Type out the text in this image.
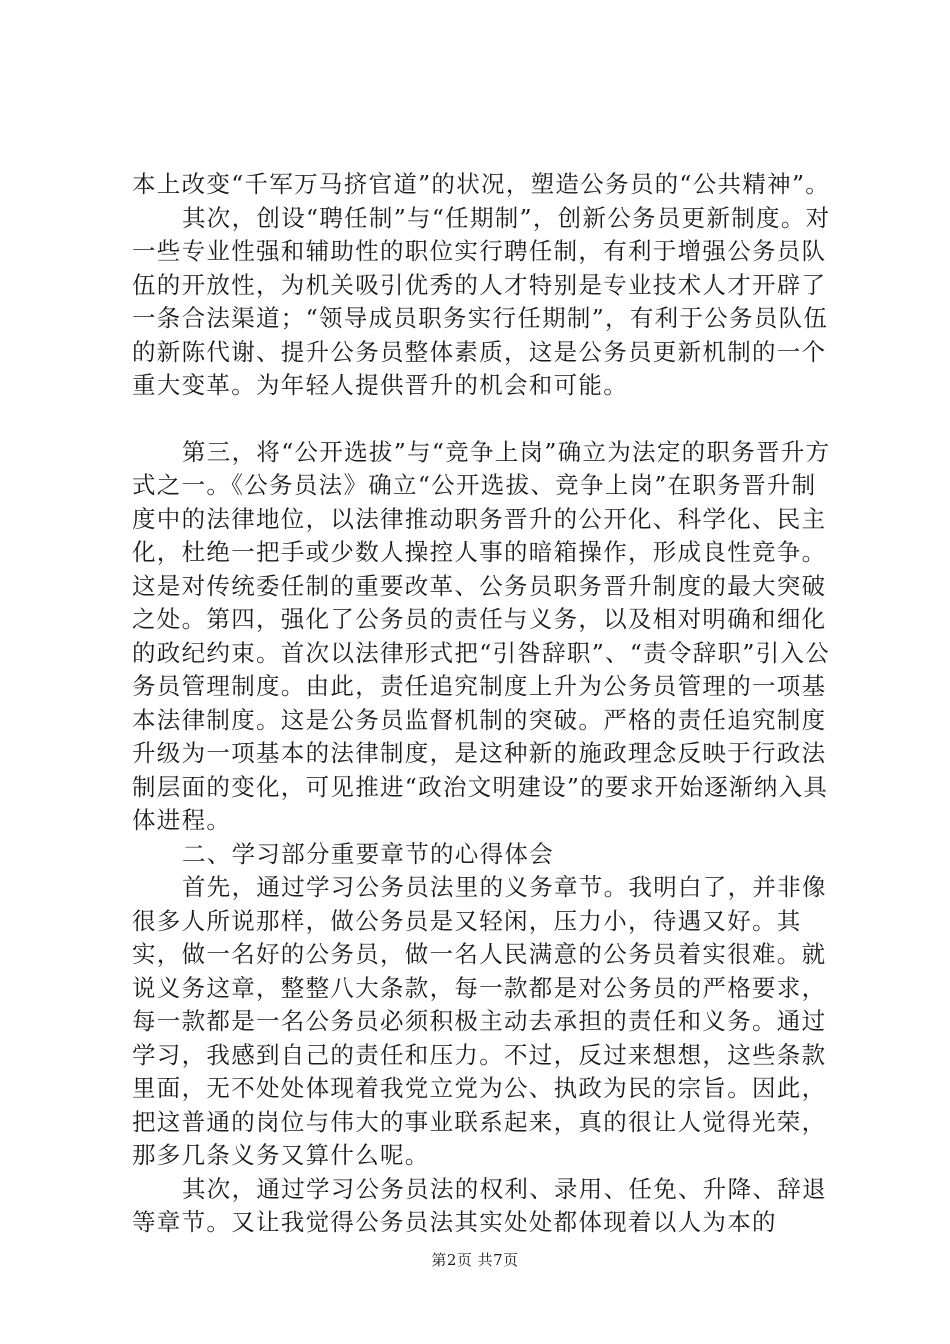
本上改变“千军万马挤官道”的状况，塑造公务员的“公共精神”。

其次，创设“聘任制”与“任期制”，创新公务员更新制度。对一些专业性强和辅助性的职位实行聘任制，有利于增强公务员队伍的开放性，为机关吸引优秀的人才特别是专业技术人才开辟了一条合法渠道；“领导成员职务实行任期制”，有利于公务员队伍的新陈代谢、提升公务员整体素质，这是公务员更新机制的一个重大变革。为年轻人提供晋升的机会和可能。

第三，将“公开选拔”与“竞争上岗”确立为法定的职务晋升方式之一。《公务员法》确立“公开选拔、竞争上岗”在职务晋升制度中的法律地位，以法律推动职务晋升的公开化、科学化、民主化，杜绝一把手或少数人操控人事的暗箱操作，形成良性竞争。这是对传统委任制的重要改革、公务员职务晋升制度的最大突破之处。第四，强化了公务员的责任与义务，以及相对明确和细化的政纪约束。首次以法律形式把“引咎辞职”、“责令辞职”引入公务员管理制度。由此，责任追究制度上升为公务员管理的一项基本法律制度。这是公务员监督机制的突破。严格的责任追究制度升级为一项基本的法律制度，是这种新的施政理念反映于行政法制层面的变化，可见推进“政治文明建设”的要求开始逐渐纳入具体进程。

二、学习部分重要章节的心得体会

首先，通过学习公务员法里的义务章节。我明白了，并非像很多人所说那样，做公务员是又轻闲，压力小，待遇又好。其实，做一名好的公务员，做一名人民满意的公务员着实很难。就说义务这章，整整八大条款，每一款都是对公务员的严格要求，每一款都是一名公务员必须积极主动去承担的责任和义务。通过学习，我感到自己的责任和压力。不过，反过来想想，这些条款里面，无不处处体现着我党立党为公、执政为民的宗旨。因此，把这普通的岗位与伟大的事业联系起来，真的很让人觉得光荣，那多几条义务又算什么呢。

其次，通过学习公务员法的权利、录用、任免、升降、辞退等章节。又让我觉得公务员法其实处处都体现着以人为本的

第2页 共7页
